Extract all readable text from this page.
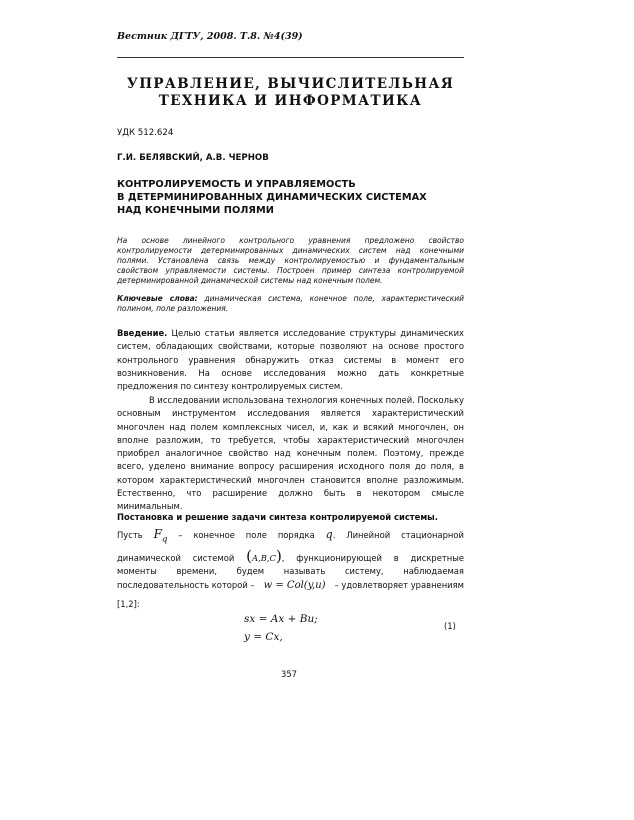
Вестник ДГТУ, 2008. Т.8. №4(39)
УПРАВЛЕНИЕ, ВЫЧИСЛИТЕЛЬНАЯ
ТЕХНИКА И ИНФОРМАТИКА
УДК 512.624
Г.И. БЕЛЯВСКИЙ, А.В. ЧЕРНОВ
КОНТРОЛИРУЕМОСТЬ И УПРАВЛЯЕМОСТЬ
В ДЕТЕРМИНИРОВАННЫХ ДИНАМИЧЕСКИХ СИСТЕМАХ
НАД КОНЕЧНЫМИ ПОЛЯМИ

На основе линейного контрольного уравнения предложено свойство контролируемости детерминированных динамических систем над конечными полями. Установлена связь между контролируемостью и фундаментальным свойством управляемости системы. Построен пример синтеза контролируемой детерминированной динамической системы над конечным полем.

Ключевые слова: динамическая система, конечное поле, характеристический полином, поле разложения.

Введение. Целью статьи является исследование структуры динамических систем, обладающих свойствами, которые позволяют на основе простого контрольного уравнения обнаружить отказ системы в момент его возникновения. На основе исследования можно дать конкретные предложения по синтезу контролируемых систем.

В исследовании использована технология конечных полей. Поскольку основным инструментом исследования является характеристический многочлен над полем комплексных чисел, и, как и всякий многочлен, он вполне разложим, то требуется, чтобы характеристический многочлен приобрел аналогичное свойство над конечным полем. Поэтому, прежде всего, уделено внимание вопросу расширения исходного поля до поля, в котором характеристический многочлен становится вполне разложимым. Естественно, что расширение должно быть в некотором смысле минимальным.

Постановка и решение задачи синтеза контролируемой системы.

Пусть $F_q$ – конечное поле порядка q. Линейной стационарной
динамической системой (A,B,C), функционирующей в дискретные
моменты времени, будем называть систему, наблюдаемая
последовательность которой – w = Col(y,u) – удовлетворяет уравнениям
[1,2]:
sx = Ax + Bu;
y = Cx,
(1)
357
